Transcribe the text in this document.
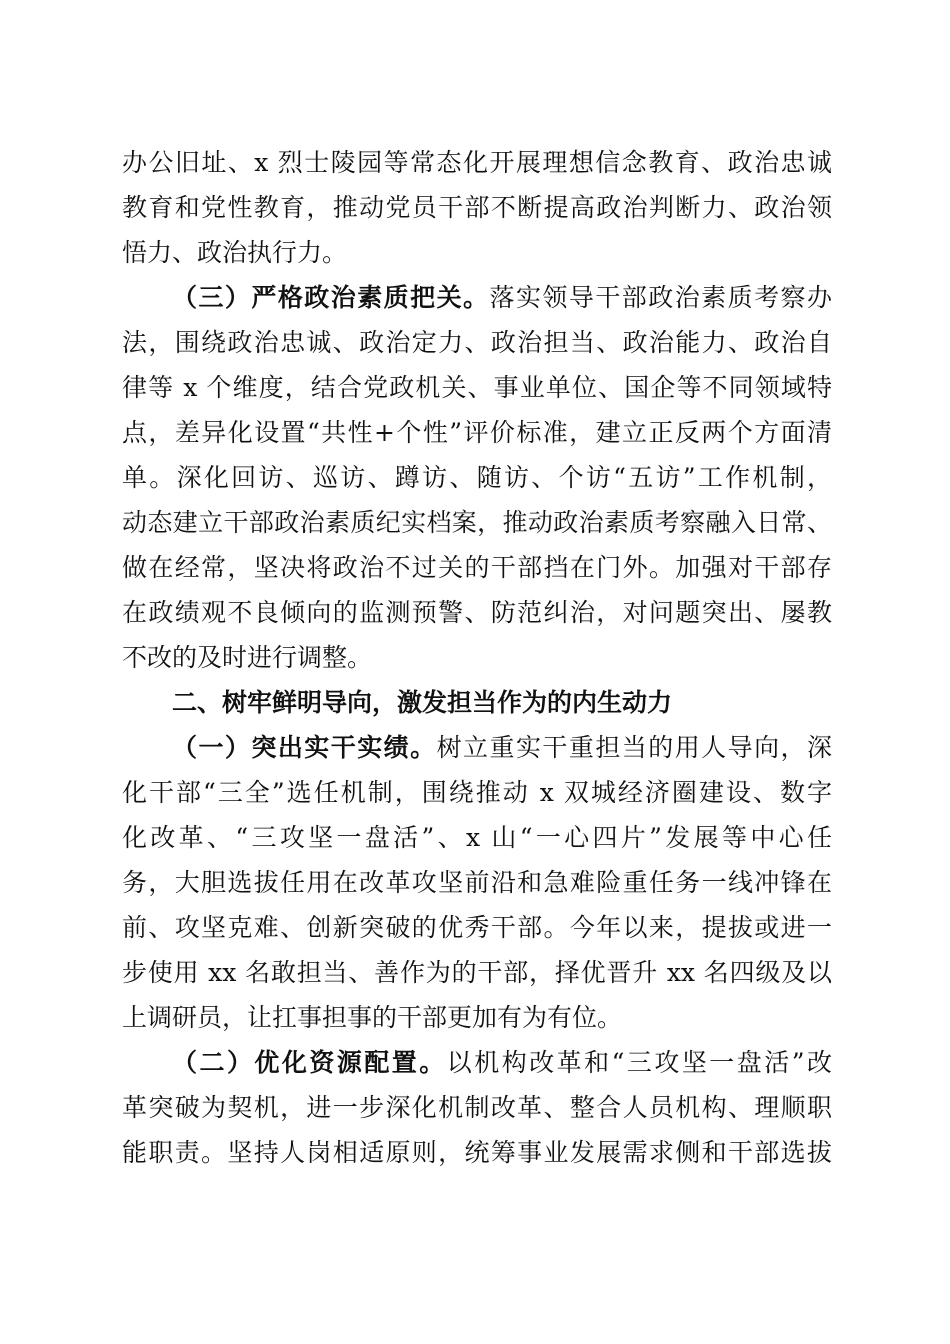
办公旧址、x 烈士陵园等常态化开展理想信念教育、政治忠诚

教育和党性教育，推动党员干部不断提高政治判断力、政治领

悟力、政治执行力。

（三）严格政治素质把关。落实领导干部政治素质考察办

法，围绕政治忠诚、政治定力、政治担当、政治能力、政治自

律等 x 个维度，结合党政机关、事业单位、国企等不同领域特

点，差异化设置“共性+个性”评价标准，建立正反两个方面清

单。深化回访、巡访、蹲访、随访、个访“五访”工作机制，

动态建立干部政治素质纪实档案，推动政治素质考察融入日常、

做在经常，坚决将政治不过关的干部挡在门外。加强对干部存

在政绩观不良倾向的监测预警、防范纠治，对问题突出、屡教

不改的及时进行调整。

二、树牢鲜明导向，激发担当作为的内生动力

（一）突出实干实绩。树立重实干重担当的用人导向，深

化干部“三全”选任机制，围绕推动 x 双城经济圈建设、数字

化改革、“三攻坚一盘活”、x 山“一心四片”发展等中心任

务，大胆选拔任用在改革攻坚前沿和急难险重任务一线冲锋在

前、攻坚克难、创新突破的优秀干部。今年以来，提拔或进一

步使用 xx 名敢担当、善作为的干部，择优晋升 xx 名四级及以

上调研员，让扛事担事的干部更加有为有位。

（二）优化资源配置。以机构改革和“三攻坚一盘活”改

革突破为契机，进一步深化机制改革、整合人员机构、理顺职

能职责。坚持人岗相适原则，统筹事业发展需求侧和干部选拔
